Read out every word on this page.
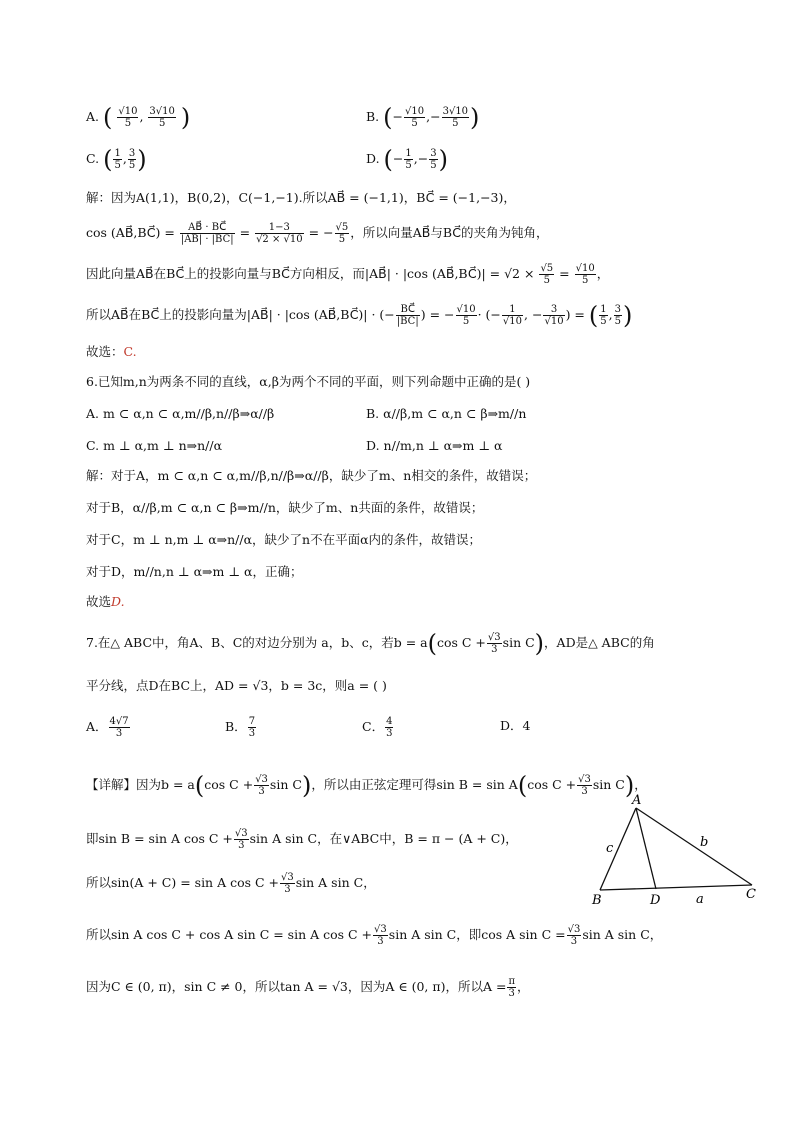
A. ( $\frac{√10}{5}$ , $\frac{3√10}{5}$ )	B. (− $\frac{√10}{5}$ ,− $\frac{3√10}{5}$ )
C. ( $\frac{1}{5}$ , $\frac{3}{5}$ )	D. (− $\frac{1}{5}$ ,− $\frac{3}{5}$ )
解：因为A(1,1)，B(0,2)，C(−1,−1).所以AB⃗ = (−1,1)，BC⃗ = (−1,−3)，
cos (AB⃗,BC⃗) = $\frac{AB⃗ \cdot BC⃗}{|AB| \cdot |BC|} = \frac{1-3}{√2 \times √10}$ = − $\frac{√5}{5}$ ，所以向量AB⃗与BC⃗的夹角为钝角，
因此向量AB⃗在BC⃗上的投影向量与BC⃗方向相反，而|AB⃗| · |cos (AB⃗,BC⃗)| = $√2 \times \frac{√5}{5} = \frac{√10}{5}$ ，
所以AB⃗在BC⃗上的投影向量为|AB⃗| · |cos (AB⃗,BC⃗)| · (− $\frac{BC⃗}{|BC|}$ ) = − $\frac{√10}{5}$ · (− $\frac{1}{√10}$ , − $\frac{3}{√10}$ ) = ( $\frac{1}{5}$ , $\frac{3}{5}$ )
故选：C.
6.已知m,n为两条不同的直线，α,β为两个不同的平面，则下列命题中正确的是( )
A. m ⊂ α,n ⊂ α,m//β,n//β⇒α//β	B. α//β,m ⊂ α,n ⊂ β⇒m//n
C. m ⊥ α,m ⊥ n⇒n//α	D. n//m,n ⊥ α⇒m ⊥ α
解：对于A，m ⊂ α,n ⊂ α,m//β,n//β⇒α//β，缺少了m、n相交的条件，故错误；
对于B，α//β,m ⊂ α,n ⊂ β⇒m//n，缺少了m、n共面的条件，故错误；
对于C，m ⊥ n,m ⊥ α⇒n//α，缺少了n不在平面α内的条件，故错误；
对于D，m//n,n ⊥ α⇒m ⊥ α，正确；
故选D.
7.在△ ABC中，角A、B、C的对边分别为 a，b、c，若b = a(cos $C + \frac{√3}{3}$ sin C)，AD是△ ABC的角
平分线，点D在BC上，AD = √3，b = 3c，则a = ( )
A． $\frac{4√7}{3}$	B． $\frac{7}{3}$	C． $\frac{4}{3}$	D．4
【详解】因为b = a(cos $C + \frac{√3}{3}$ sin C)，所以由正弦定理可得sin B = sin A(cos $C + \frac{√3}{3}$ sin C)，
即sin B = sin A $\cos C + \frac{√3}{3}$ sin A sin C，在∨ABC中，B = π − (A + C)，
所以sin(A + C) = sin A $\cos C + \frac{√3}{3}$ sin A sin C，
所以sin A cos C + cos A sin C = sin A $\cos C + \frac{√3}{3}$ sin A sin C，即cos A $\sin C = \frac{√3}{3}$ sin A sin C，
因为C ∈ (0, π)，sin C ≠ 0，所以tan A = √3，因为A ∈ (0, π)，所以$A = \frac{\pi}{3}$ ，
A
B	C
D	a
b
c
